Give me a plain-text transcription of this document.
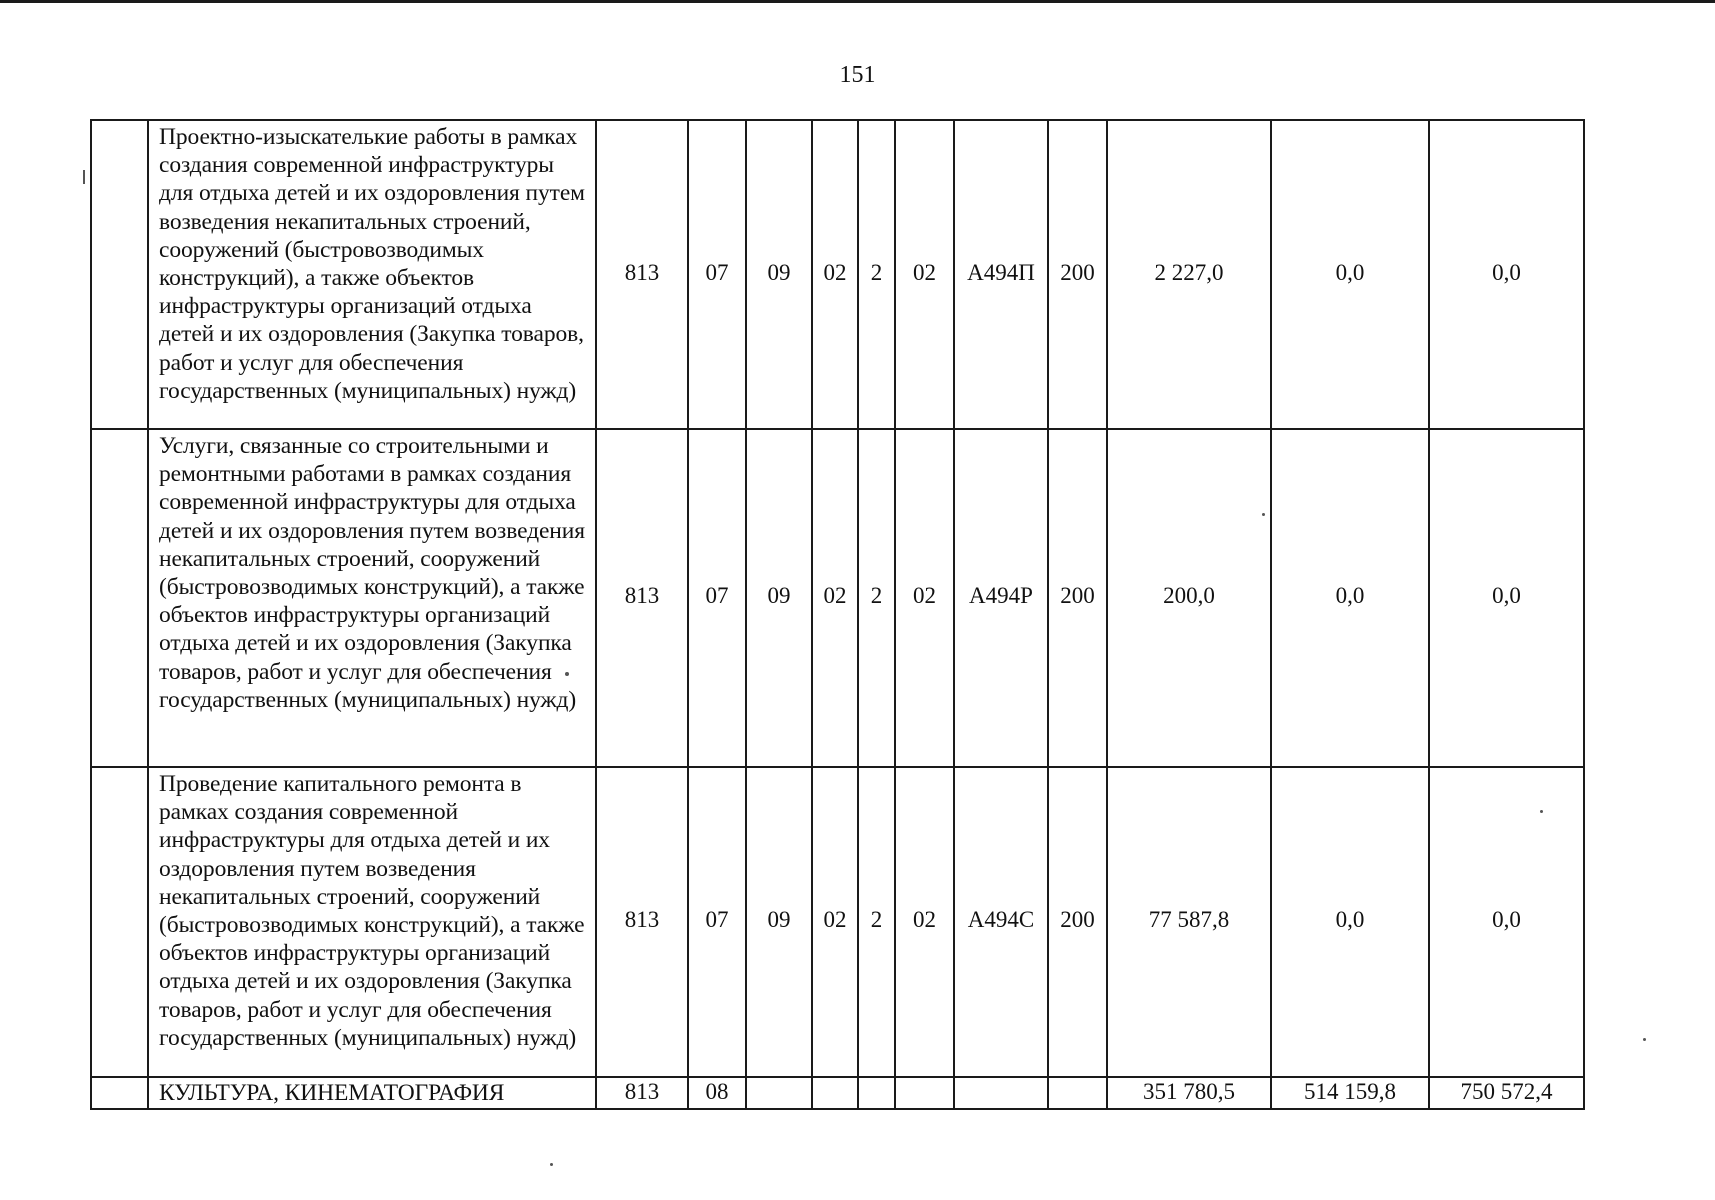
151
	Проектно-изыскателькие работы в рамках создания современной инфраструктуры для отдыха детей и их оздоровления путем возведения некапитальных строений, сооружений (быстровозводимых конструкций), а также объектов инфраструктуры организаций отдыха детей и их оздоровления (Закупка товаров, работ и услуг для обеспечения государственных (муниципальных) нужд)	813	07	09	02	2	02	А494П	200	2 227,0	0,0	0,0
	Услуги, связанные со строительными и ремонтными работами в рамках создания современной инфраструктуры для отдыха детей и их оздоровления путем возведения некапитальных строений, сооружений (быстровозводимых конструкций), а также объектов инфраструктуры организаций отдыха детей и их оздоровления (Закупка товаров, работ и услуг для обеспечения государственных (муниципальных) нужд)	813	07	09	02	2	02	А494Р	200	200,0	0,0	0,0
	Проведение капитального ремонта в рамках создания современной инфраструктуры для отдыха детей и их оздоровления путем возведения некапитальных строений, сооружений (быстровозводимых конструкций), а также объектов инфраструктуры организаций отдыха детей и их оздоровления (Закупка товаров, работ и услуг для обеспечения государственных (муниципальных) нужд)	813	07	09	02	2	02	А494С	200	77 587,8	0,0	0,0
	КУЛЬТУРА, КИНЕМАТОГРАФИЯ	813	08							351 780,5	514 159,8	750 572,4
